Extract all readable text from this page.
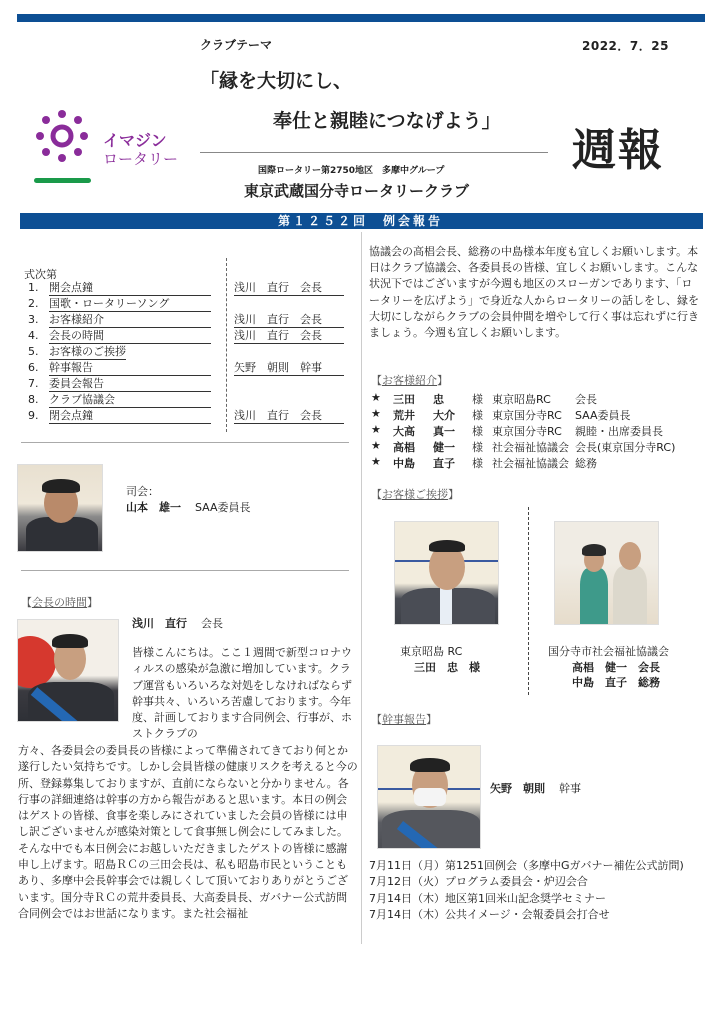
クラブテーマ	2022．7．25
「縁を大切にし、
奉仕と親睦につなげよう」
週報
国際ロータリー第2750地区　多摩中グループ
東京武蔵国分寺ロータリークラブ
イマジン
ロータリー
第１２５２回　例会報告
式次第
1. 開会点鐘	浅川　直行　会長
2. 国歌・ロータリーソング
3. お客様紹介	浅川　直行　会長
4. 会長の時間	浅川　直行　会長
5. お客様のご挨拶
6. 幹事報告	矢野　朝則　幹事
7. 委員会報告
8. クラブ協議会
9. 閉会点鐘	浅川　直行　会長
司会：
山本　雄一 SAA委員長
【会長の時間】
浅川　直行 会長
皆様こんにちは。ここ１週間で新型コロナウィルスの感染が急激に増加しています。クラブ運営もいろいろな対処をしなければならず幹事共々、いろいろ苦慮しております。今年度、計画しております合同例会、行事が、ホストクラブの
方々、各委員会の委員長の皆様によって準備されてきており何とか遂行したい気持ちです。しかし会員皆様の健康リスクを考えると今の所、登録募集しておりますが、直前にならないと分かりません。各行事の詳細連絡は幹事の方から報告があると思います。本日の例会はゲストの皆様、食事を楽しみにされていました会員の皆様には申し訳ございませんが感染対策として食事無し例会にしてみました。そんな中でも本日例会にお越しいただきましたゲストの皆様に感謝申し上げます。昭島ＲＣの三田会長は、私も昭島市民ということもあり、多摩中会長幹事会では親しくして頂いておりありがとうございます。国分寺ＲＣの荒井委員長、大高委員長、ガバナー公式訪問合同例会ではお世話になります。また社会福祉
協議会の高椙会長、総務の中島様本年度も宜しくお願いします。本日はクラブ協議会、各委員長の皆様、宜しくお願いします。こんな状況下ではございますが今週も地区のスローガンであります、「ロータリーを広げよう」で身近な人からロータリーの話しをし、縁を大切にしながらクラブの会員仲間を増やして行く事は忘れずに行きましょう。今週も宜しくお願いします。
【お客様紹介】
★ 三田 忠	様 東京昭島RC 会長
★ 荒井 大介 様 東京国分寺RC SAA委員長
★ 大高 真一 様 東京国分寺RC 親睦・出席委員長
★ 高椙 健一 様 社会福祉協議会 会長(東京国分寺RC)
★ 中島 直子 様 社会福祉協議会 総務
【お客様ご挨拶】
東京昭島 RC
三田　忠　様
国分寺市社会福祉協議会
高椙　健一　会長
中島　直子　総務
【幹事報告】
矢野　朝則 幹事
7月11日（月）第1251回例会（多摩中Gガバナー補佐公式訪問)
7月12日（火）プログラム委員会・炉辺会合
7月14日（木）地区第1回米山記念奨学セミナー
7月14日（木）公共イメージ・会報委員会打合せ
